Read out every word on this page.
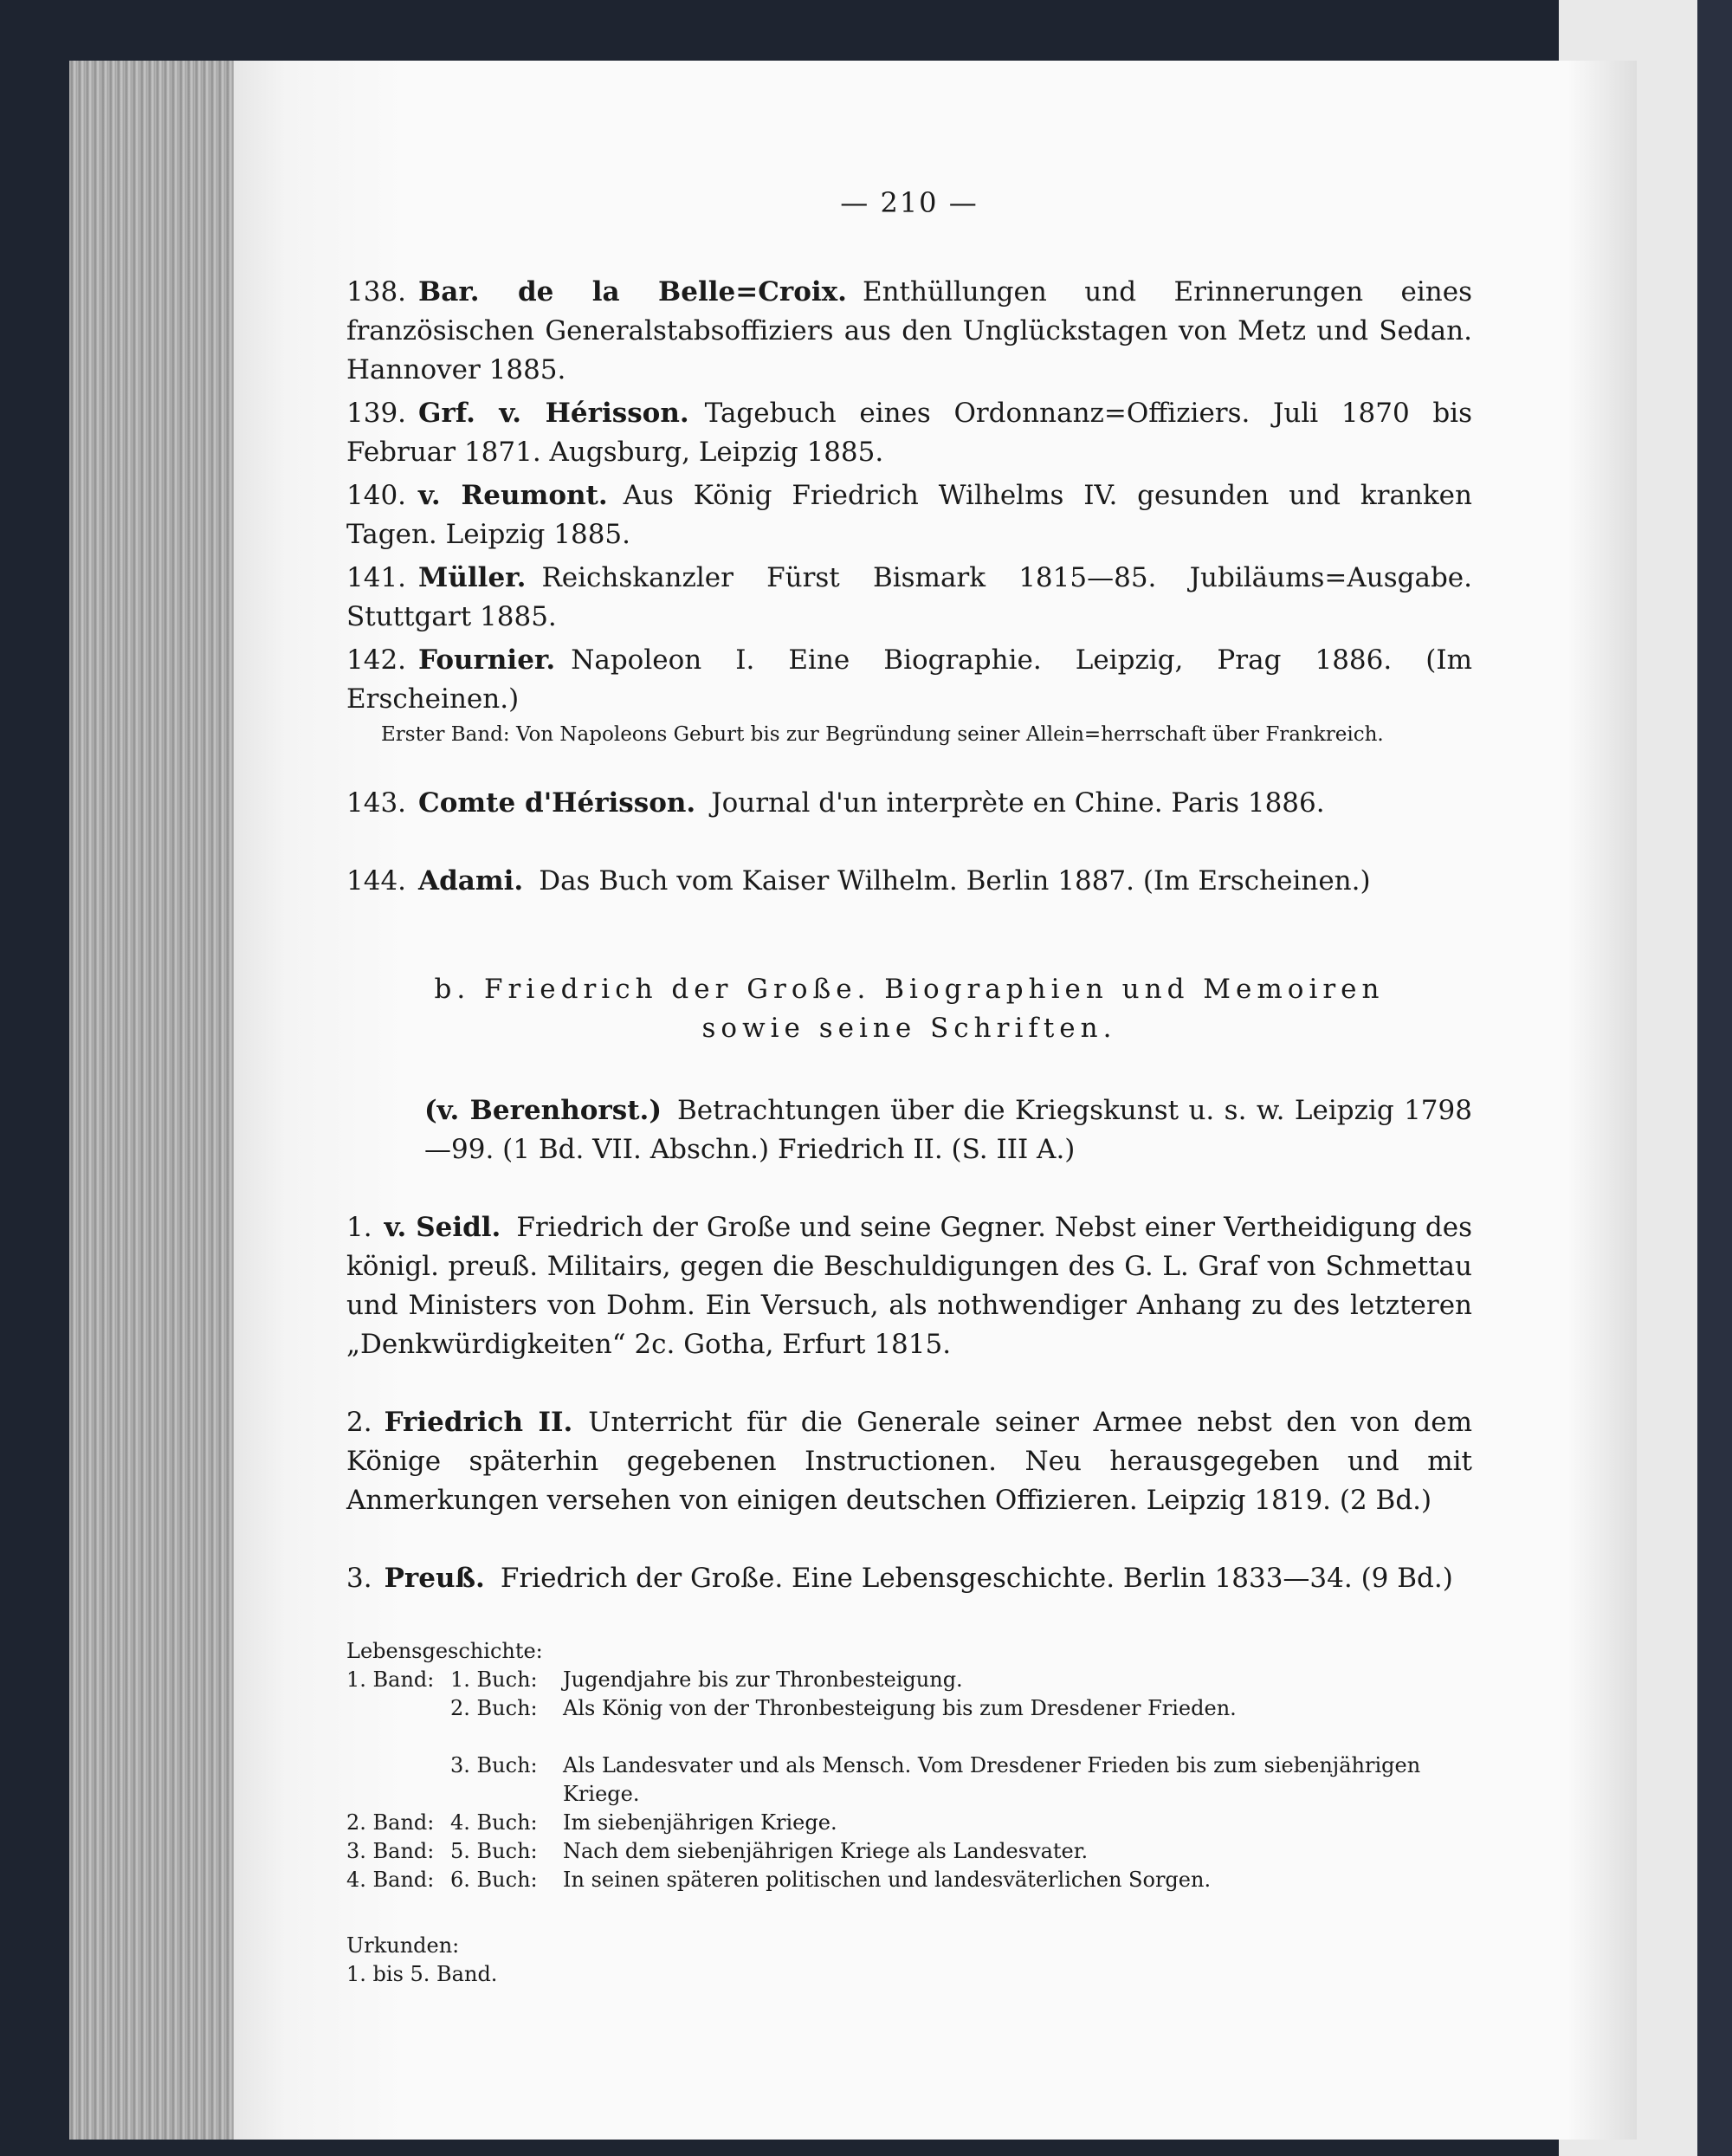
— 210 —
138. Bar. de la Belle=Croix. Enthüllungen und Erinnerungen eines französischen Generalstabsoffiziers aus den Unglückstagen von Metz und Sedan. Hannover 1885.
139. Grf. v. Hérisson. Tagebuch eines Ordonnanz=Offiziers. Juli 1870 bis Februar 1871. Augsburg, Leipzig 1885.
140. v. Reumont. Aus König Friedrich Wilhelms IV. gesunden und kranken Tagen. Leipzig 1885.
141. Müller. Reichskanzler Fürst Bismark 1815—85. Jubiläums=Ausgabe. Stuttgart 1885.
142. Fournier. Napoleon I. Eine Biographie. Leipzig, Prag 1886. (Im Erscheinen.)
Erster Band: Von Napoleons Geburt bis zur Begründung seiner Allein=herrschaft über Frankreich.
143. Comte d'Hérisson. Journal d'un interprète en Chine. Paris 1886.
144. Adami. Das Buch vom Kaiser Wilhelm. Berlin 1887. (Im Erscheinen.)
b. Friedrich der Große. Biographien und Memoiren
sowie seine Schriften.
(v. Berenhorst.) Betrachtungen über die Kriegskunst u. s. w. Leipzig 1798—99. (1 Bd. VII. Abschn.) Friedrich II. (S. III A.)
1. v. Seidl. Friedrich der Große und seine Gegner. Nebst einer Vertheidigung des königl. preuß. Militairs, gegen die Beschuldigungen des G. L. Graf von Schmettau und Ministers von Dohm. Ein Versuch, als nothwendiger Anhang zu des letzteren „Denkwürdigkeiten“ 2c. Gotha, Erfurt 1815.
2. Friedrich II. Unterricht für die Generale seiner Armee nebst den von dem Könige späterhin gegebenen Instructionen. Neu herausgegeben und mit Anmerkungen versehen von einigen deutschen Offizieren. Leipzig 1819. (2 Bd.)
3. Preuß. Friedrich der Große. Eine Lebensgeschichte. Berlin 1833—34. (9 Bd.)
Lebensgeschichte:
1. Band: 1. Buch:	Jugendjahre bis zur Thronbesteigung.
2. Buch:	Als König von der Thronbesteigung bis zum Dresdener Frieden.
3. Buch:	Als Landesvater und als Mensch. Vom Dresdener Frieden bis zum siebenjährigen Kriege.
2. Band: 4. Buch:	Im siebenjährigen Kriege.
3. Band: 5. Buch:	Nach dem siebenjährigen Kriege als Landesvater.
4. Band: 6. Buch:	In seinen späteren politischen und landesväterlichen Sorgen.
Urkunden:
1. bis 5. Band.
